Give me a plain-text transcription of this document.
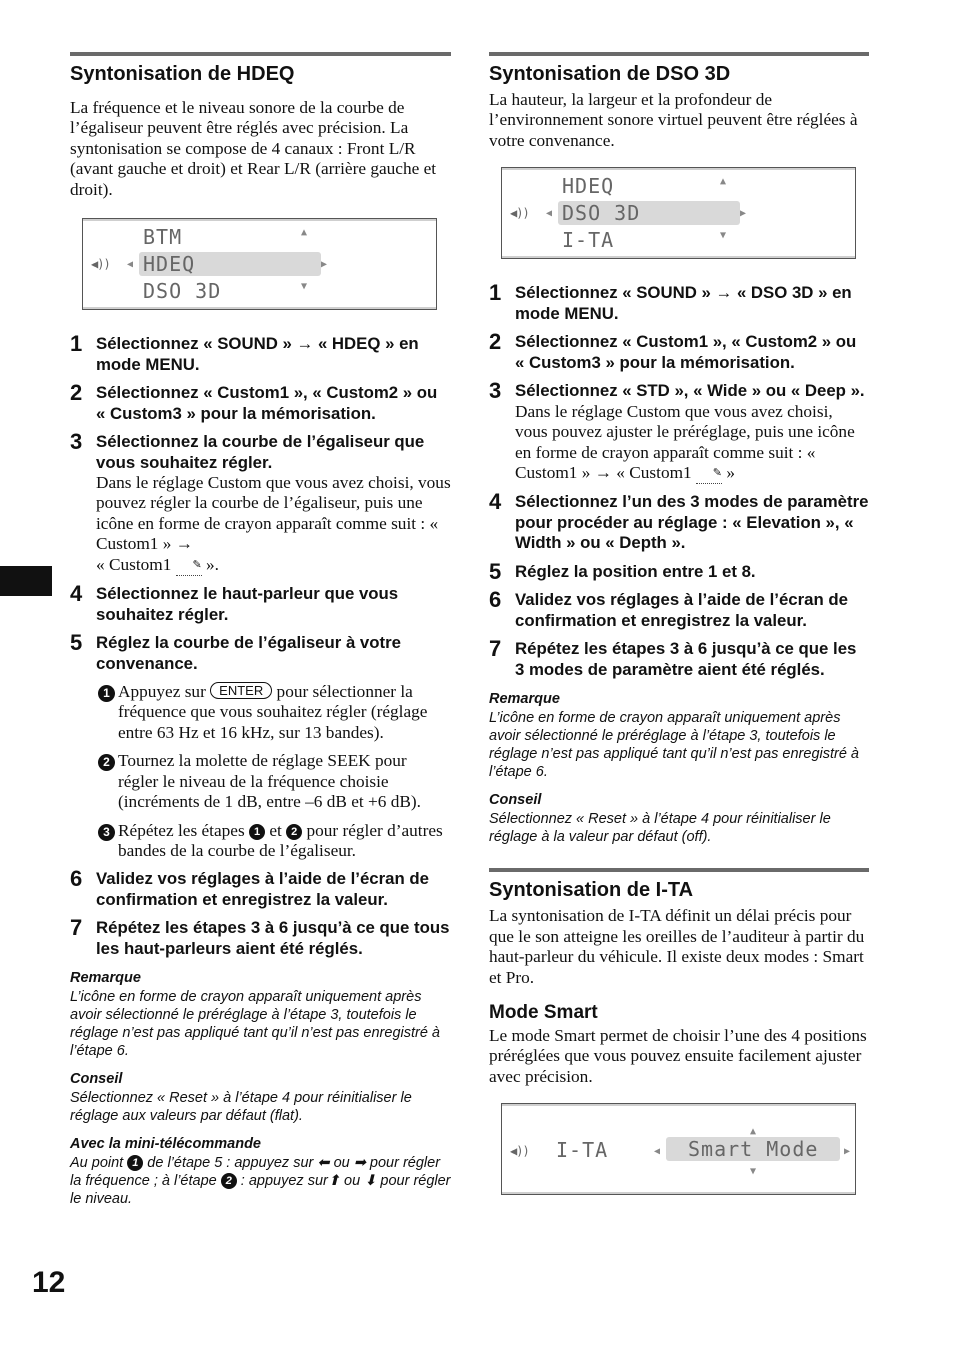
Syntonisation de HDEQ

La fréquence et le niveau sonore de la courbe de l’égaliseur peuvent être réglés avec précision. La syntonisation se compose de 4 canaux : Front L/R (avant gauche et droit) et Rear L/R (arrière gauche et droit).

▲
▼
BTM
◀)) ◀ HDEQ	▶
DSO 3D
1 Sélectionnez « SOUND » → « HDEQ » en mode MENU.
2 Sélectionnez « Custom1 », « Custom2 » ou « Custom3 » pour la mémorisation.
3 Sélectionnez la courbe de l’égaliseur que vous souhaitez régler.
Dans le réglage Custom que vous avez choisi, vous pouvez régler la courbe de l’égaliseur, puis une icône en forme de crayon apparaît comme suit : « Custom1 » →
« Custom1 ✎ ».
4 Sélectionnez le haut-parleur que vous souhaitez régler.
5 Réglez la courbe de l’égaliseur à votre convenance.
1 Appuyez sur ENTER pour sélectionner la fréquence que vous souhaitez régler (réglage entre 63 Hz et 16 kHz, sur 13 bandes).
2 Tournez la molette de réglage SEEK pour régler le niveau de la fréquence choisie (incréments de 1 dB, entre –6 dB et +6 dB).
3 Répétez les étapes 1 et 2 pour régler d’autres bandes de la courbe de l’égaliseur.
6 Validez vos réglages à l’aide de l’écran de confirmation et enregistrez la valeur.
7 Répétez les étapes 3 à 6 jusqu’à ce que tous les haut-parleurs aient été réglés.
Remarque

L’icône en forme de crayon apparaît uniquement après avoir sélectionné le préréglage à l’étape 3, toutefois le réglage n’est pas appliqué tant qu’il n’est pas enregistré à l’étape 6.

Conseil

Sélectionnez « Reset » à l’étape 4 pour réinitialiser le réglage aux valeurs par défaut (flat).

Avec la mini-télécommande

Au point 1 de l’étape 5 : appuyez sur ⬅ ou ➡ pour régler la fréquence ; à l’étape 2 : appuyez sur⬆ ou ⬇ pour régler le niveau.

Syntonisation de DSO 3D

La hauteur, la largeur et la profondeur de l’environnement sonore virtuel peuvent être réglées à votre convenance.

▲
▼
HDEQ
◀)) ◀ DSO 3D	▶
I-TA
1 Sélectionnez « SOUND » → « DSO 3D » en mode MENU.
2 Sélectionnez « Custom1 », « Custom2 » ou « Custom3 » pour la mémorisation.
3 Sélectionnez « STD », « Wide » ou « Deep ».
Dans le réglage Custom que vous avez choisi, vous pouvez ajuster le préréglage, puis une icône en forme de crayon apparaît comme suit : « Custom1 » → « Custom1 ✎ »
4 Sélectionnez l’un des 3 modes de paramètre pour procéder au réglage : « Elevation », « Width » ou « Depth ».
5 Réglez la position entre 1 et 8.
6 Validez vos réglages à l’aide de l’écran de confirmation et enregistrez la valeur.
7 Répétez les étapes 3 à 6 jusqu’à ce que les 3 modes de paramètre aient été réglés.
Remarque

L’icône en forme de crayon apparaît uniquement après avoir sélectionné le préréglage à l’étape 3, toutefois le réglage n’est pas appliqué tant qu’il n’est pas enregistré à l’étape 6.

Conseil

Sélectionnez « Reset » à l’étape 4 pour réinitialiser le réglage à la valeur par défaut (off).

Syntonisation de I-TA

La syntonisation de I-TA définit un délai précis pour que le son atteigne les oreilles de l’auditeur à partir du haut-parleur du véhicule. Il existe deux modes : Smart et Pro.

Mode Smart

Le mode Smart permet de choisir l’une des 4 positions préréglées que vous pouvez ensuite facilement ajuster avec précision.

▲
▼
◀)) I-TA	◀	Smart Mode	▶
12
